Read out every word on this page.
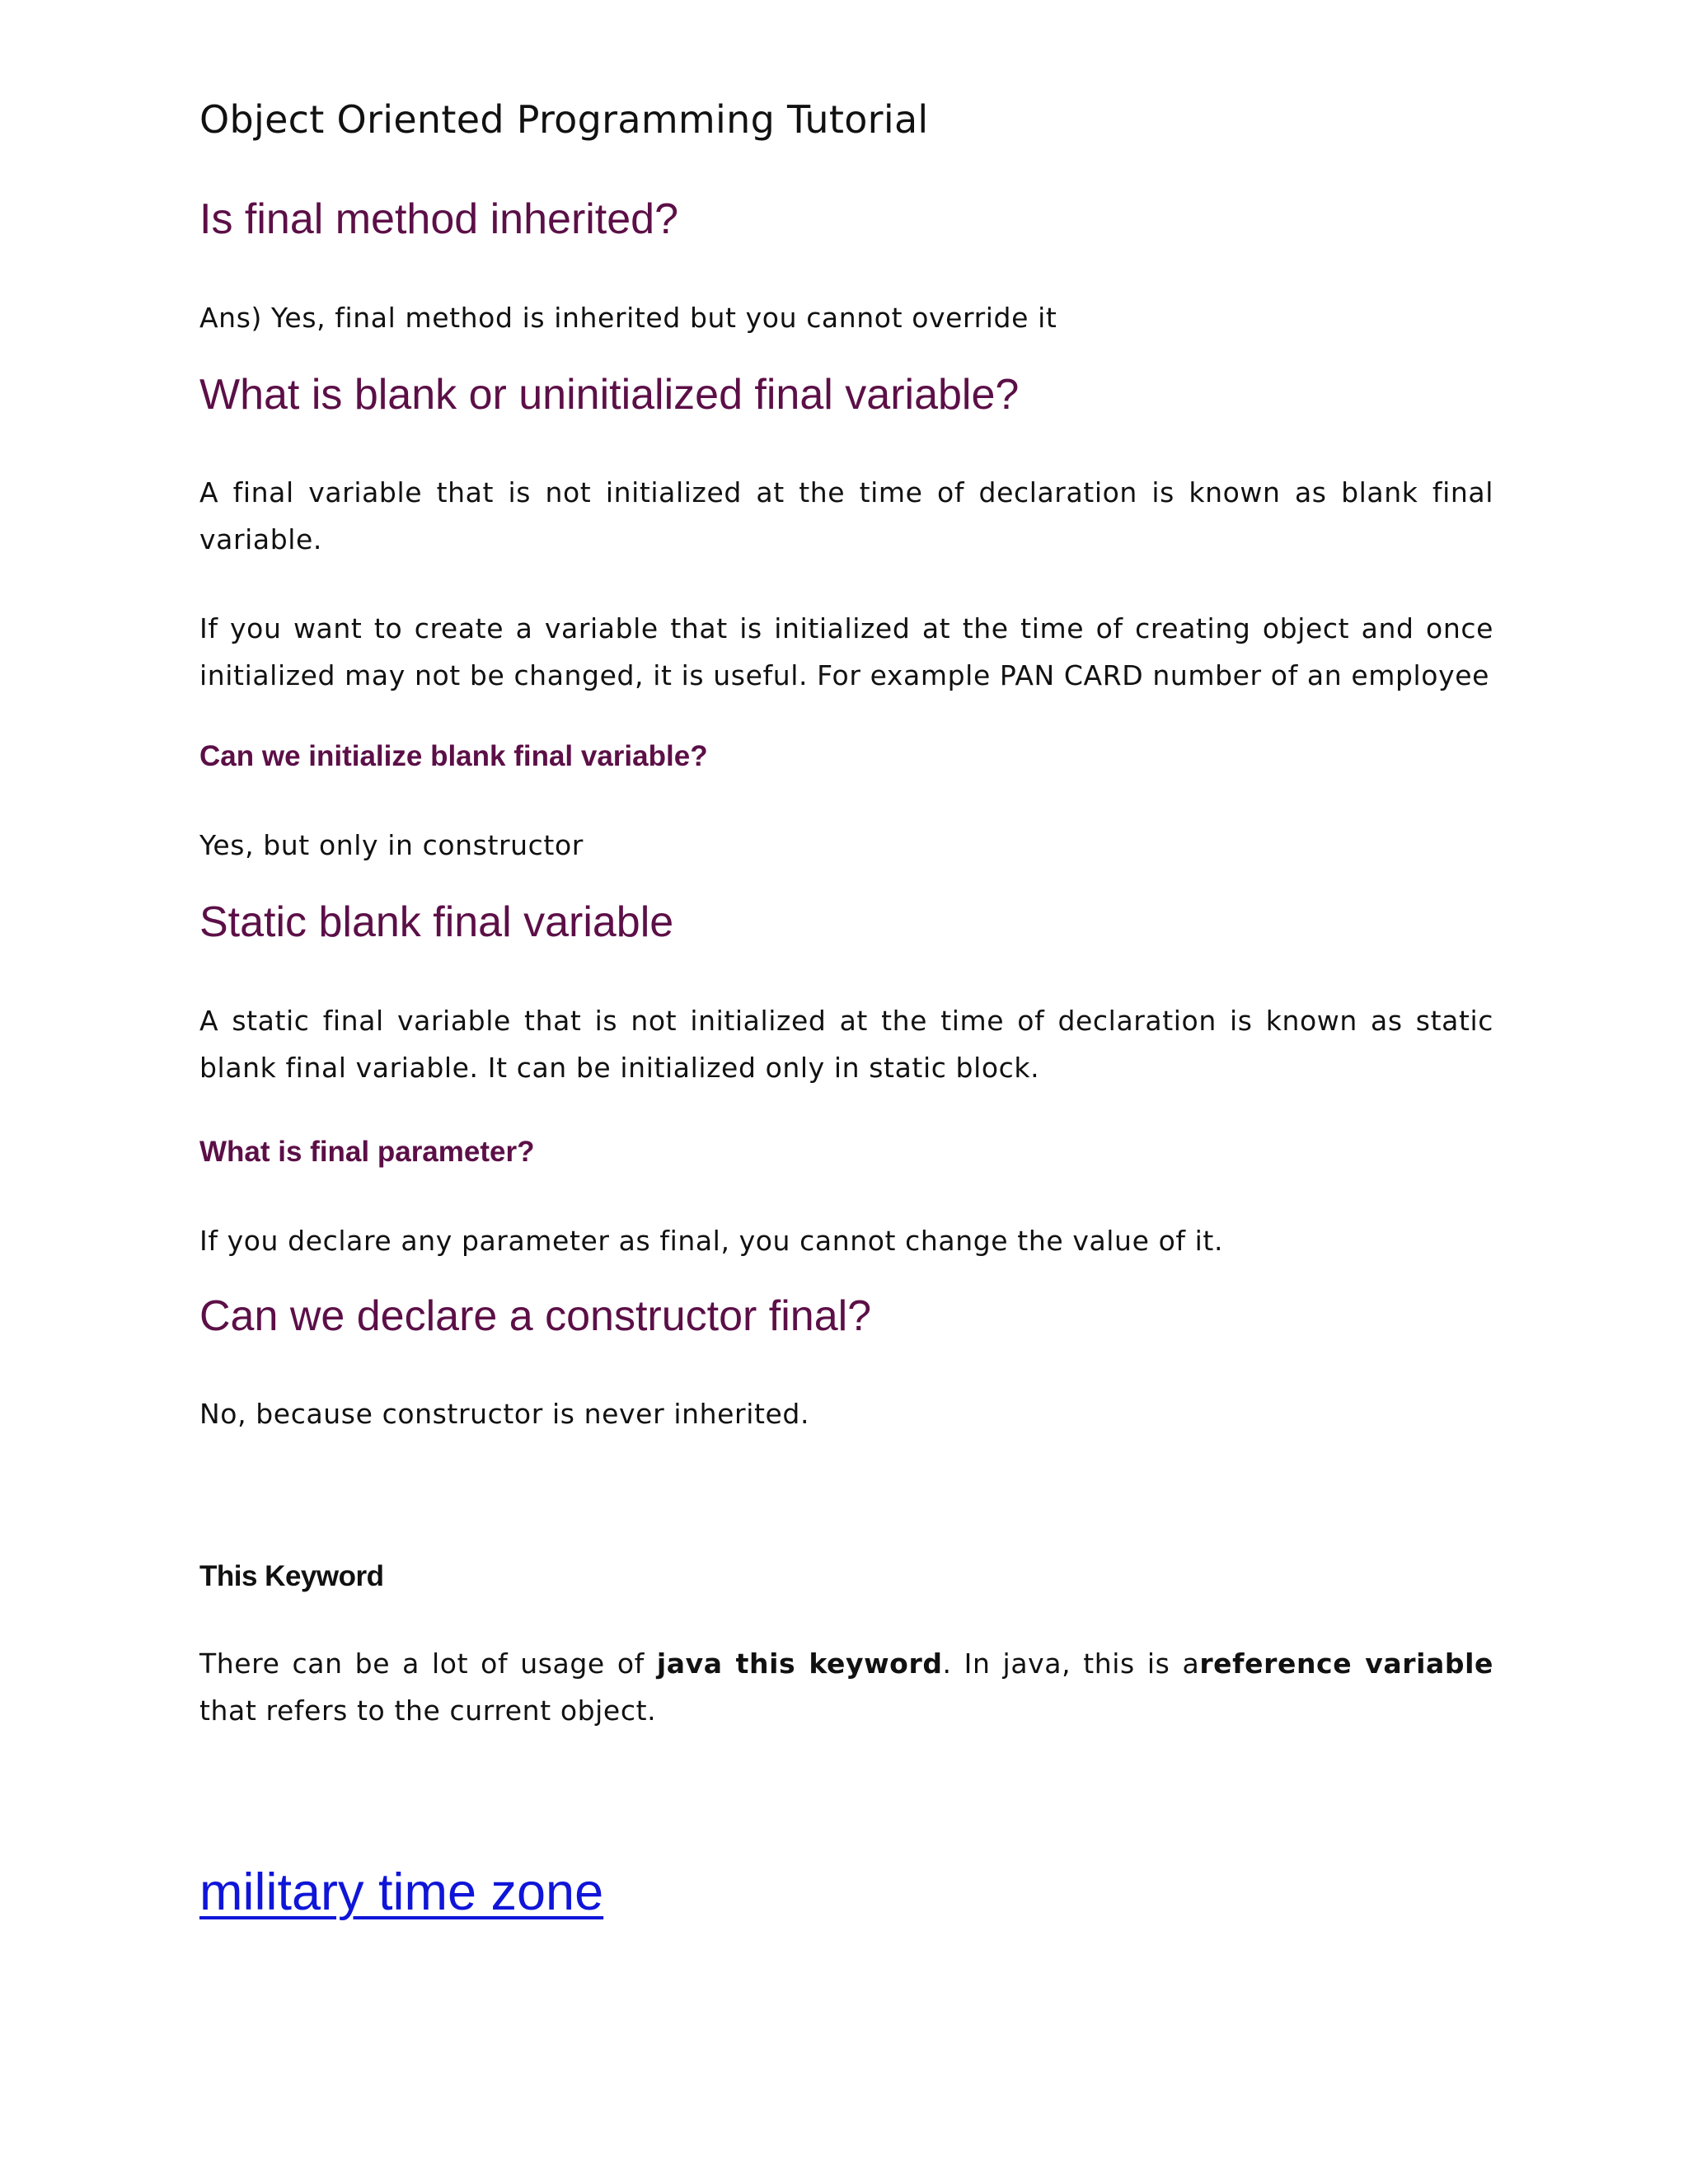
Object Oriented Programming Tutorial
Is final method inherited?
Ans) Yes, final method is inherited but you cannot override it
What is blank or uninitialized final variable?
A final variable that is not initialized at the time of declaration is known as blank final variable.
If you want to create a variable that is initialized at the time of creating object and once initialized may not be changed, it is useful. For example PAN CARD number of an employee
Can we initialize blank final variable?
Yes, but only in constructor
Static blank final variable
A static final variable that is not initialized at the time of declaration is known as static blank final variable. It can be initialized only in static block.
What is final parameter?
If you declare any parameter as final, you cannot change the value of it.
Can we declare a constructor final?
No, because constructor is never inherited.
This Keyword
There can be a lot of usage of java this keyword. In java, this is areference variable that refers to the current object.
military time zone
